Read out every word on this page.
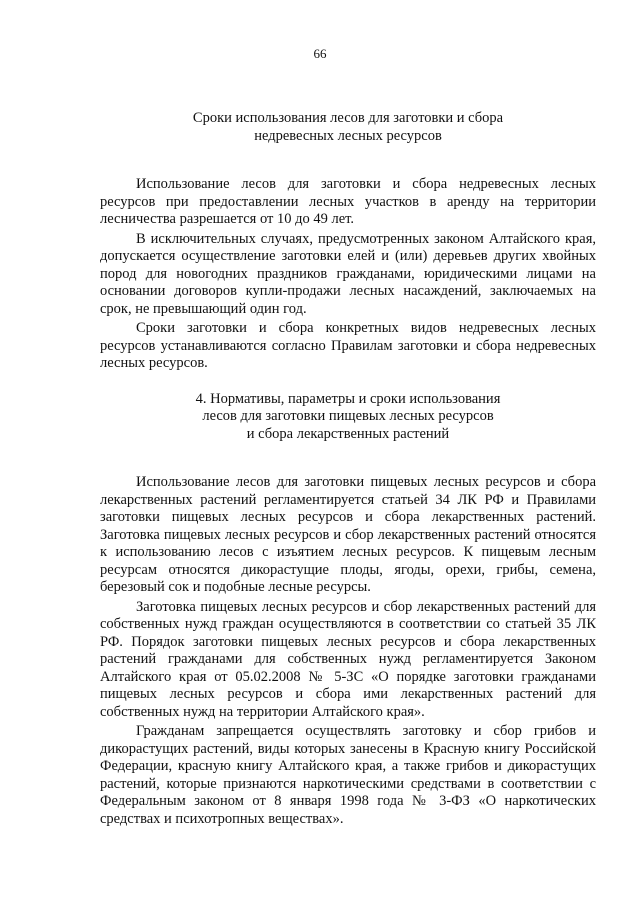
66
Сроки использования лесов для заготовки и сбора
недревесных лесных ресурсов

Использование лесов для заготовки и сбора недревесных лесных ресурсов при предоставлении лесных участков в аренду на территории лесничества разрешается от 10 до 49 лет.

В исключительных случаях, предусмотренных законом Алтайского края, допускается осуществление заготовки елей и (или) деревьев других хвойных пород для новогодних праздников гражданами, юридическими лицами на основании договоров купли-продажи лесных насаждений, заключаемых на срок, не превышающий один год.

Сроки заготовки и сбора конкретных видов недревесных лесных ресурсов устанавливаются согласно Правилам заготовки и сбора недревесных лесных ресурсов.

4. Нормативы, параметры и сроки использования
лесов для заготовки пищевых лесных ресурсов
и сбора лекарственных растений

Использование лесов для заготовки пищевых лесных ресурсов и сбора лекарственных растений регламентируется статьей 34 ЛК РФ и Правилами заготовки пищевых лесных ресурсов и сбора лекарственных растений. Заготовка пищевых лесных ресурсов и сбор лекарственных растений относятся к использованию лесов с изъятием лесных ресурсов. К пищевым лесным ресурсам относятся дикорастущие плоды, ягоды, орехи, грибы, семена, березовый сок и подобные лесные ресурсы.

Заготовка пищевых лесных ресурсов и сбор лекарственных растений для собственных нужд граждан осуществляются в соответствии со статьей 35 ЛК РФ. Порядок заготовки пищевых лесных ресурсов и сбора лекарственных растений гражданами для собственных нужд регламентируется Законом Алтайского края от 05.02.2008 № 5-ЗС «О порядке заготовки гражданами пищевых лесных ресурсов и сбора ими лекарственных растений для собственных нужд на территории Алтайского края».

Гражданам запрещается осуществлять заготовку и сбор грибов и дикорастущих растений, виды которых занесены в Красную книгу Российской Федерации, красную книгу Алтайского края, а также грибов и дикорастущих растений, которые признаются наркотическими средствами в соответствии с Федеральным законом от 8 января 1998 года № 3-ФЗ «О наркотических средствах и психотропных веществах».
